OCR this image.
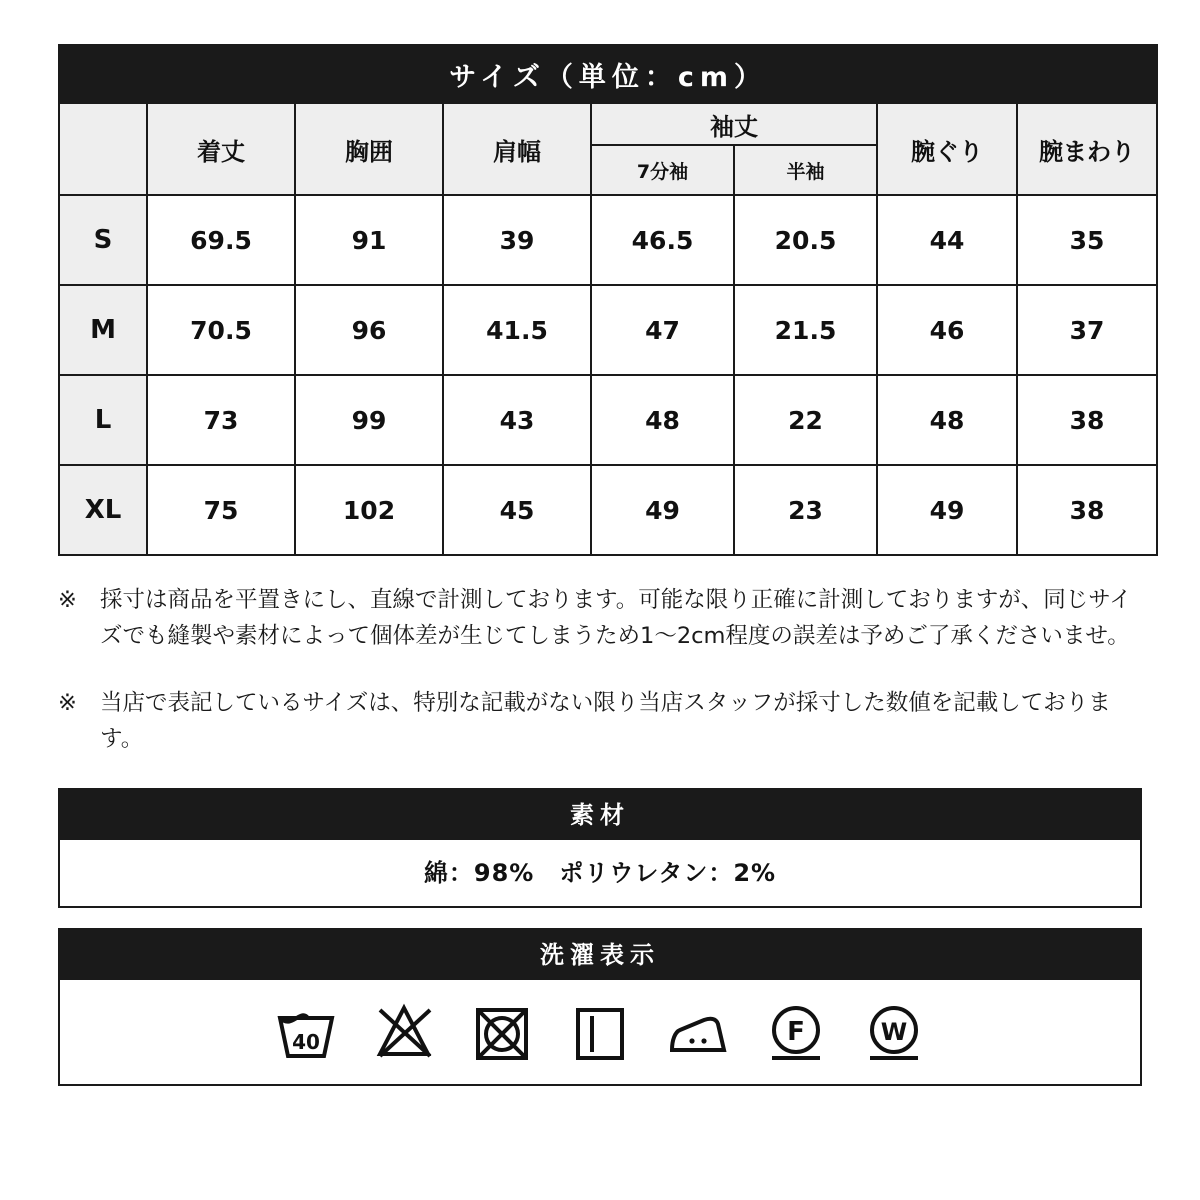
サイズ（単位：cm）							
	着丈	胸囲	肩幅	袖丈		腕ぐり	腕まわり
				7分袖	半袖		
S	69.5	91	39	46.5	20.5	44	35
M	70.5	96	41.5	47	21.5	46	37
L	73	99	43	48	22	48	38
XL	75	102	45	49	23	49	38

※ 採寸は商品を平置きにし、直線で計測しております。可能な限り正確に計測しておりますが、同じサイズでも縫製や素材によって個体差が生じてしまうため1〜2cm程度の誤差は予めご了承くださいませ。

※ 当店で表記しているサイズは、特別な記載がない限り当店スタッフが採寸した数値を記載しております。

素材
綿：98%　ポリウレタン：2%
洗濯表示
40	F	W
